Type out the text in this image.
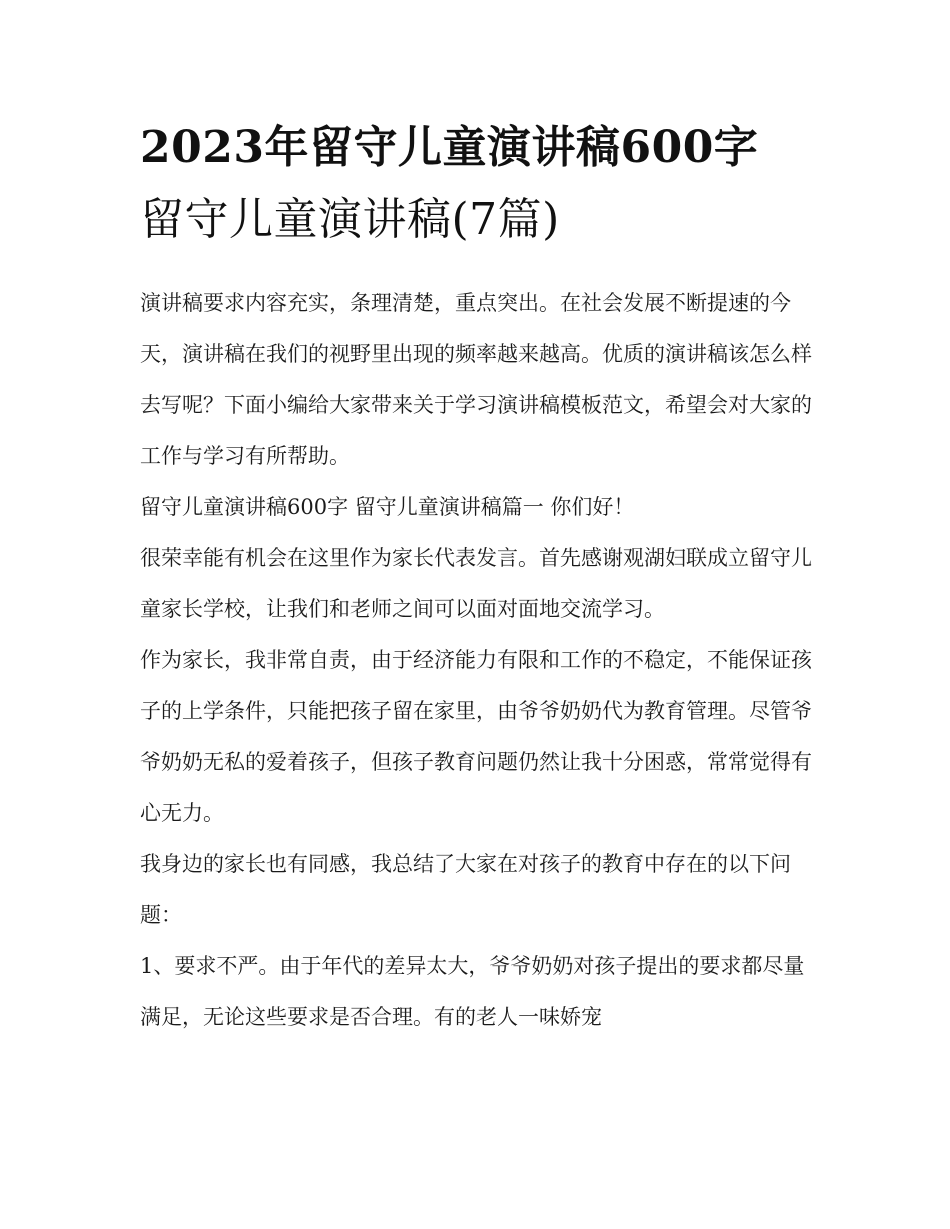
2023年留守儿童演讲稿600字
留守儿童演讲稿(7篇)

演讲稿要求内容充实，条理清楚，重点突出。在社会发展不断提速的今天，演讲稿在我们的视野里出现的频率越来越高。优质的演讲稿该怎么样去写呢？下面小编给大家带来关于学习演讲稿模板范文，希望会对大家的工作与学习有所帮助。

留守儿童演讲稿600字 留守儿童演讲稿篇一 你们好！

很荣幸能有机会在这里作为家长代表发言。首先感谢观湖妇联成立留守儿童家长学校，让我们和老师之间可以面对面地交流学习。

作为家长，我非常自责，由于经济能力有限和工作的不稳定，不能保证孩子的上学条件，只能把孩子留在家里，由爷爷奶奶代为教育管理。尽管爷爷奶奶无私的爱着孩子，但孩子教育问题仍然让我十分困惑，常常觉得有心无力。

我身边的家长也有同感，我总结了大家在对孩子的教育中存在的以下问题：

1、要求不严。由于年代的差异太大，爷爷奶奶对孩子提出的要求都尽量满足，无论这些要求是否合理。有的老人一味娇宠
